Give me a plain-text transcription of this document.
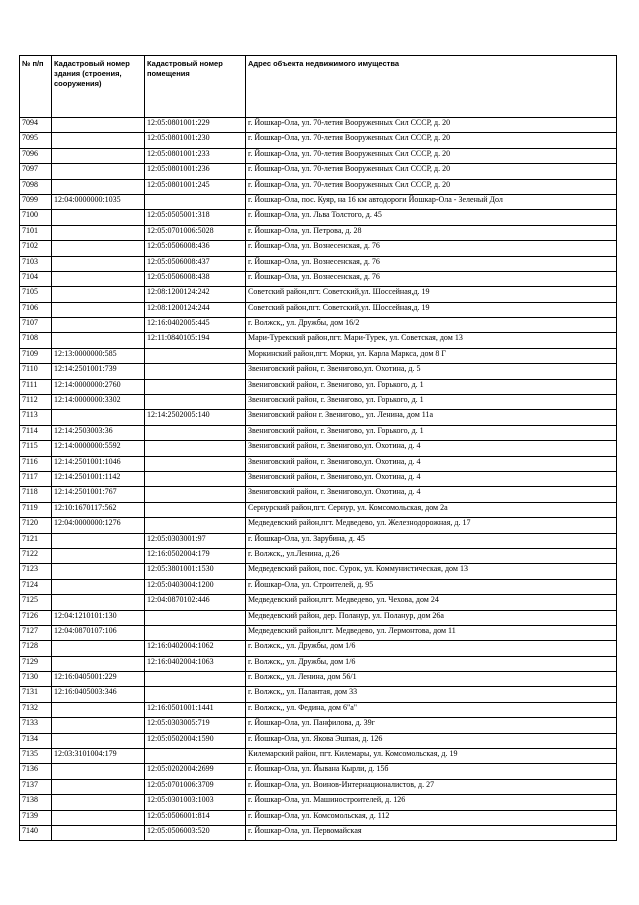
№ п/п	Кадастровый номер здания (строения, сооружения)	Кадастровый номер помещения	Адрес объекта недвижимого имущества
7094		12:05:0801001:229	г. Йошкар-Ола, ул. 70-летия Вооруженных Сил СССР, д. 20
7095		12:05:0801001:230	г. Йошкар-Ола, ул. 70-летия Вооруженных Сил СССР, д. 20
7096		12:05:0801001:233	г. Йошкар-Ола, ул. 70-летия Вооруженных Сил СССР, д. 20
7097		12:05:0801001:236	г. Йошкар-Ола, ул. 70-летия Вооруженных Сил СССР, д. 20
7098		12:05:0801001:245	г. Йошкар-Ола, ул. 70-летия Вооруженных Сил СССР, д. 20
7099	12:04:0000000:1035		г. Йошкар-Ола, пос. Куяр, на 16 км автодороги Йошкар-Ола - Зеленый Дол
7100		12:05:0505001:318	г. Йошкар-Ола, ул. Льва Толстого, д. 45
7101		12:05:0701006:5028	г. Йошкар-Ола, ул. Петрова, д. 28
7102		12:05:0506008:436	г. Йошкар-Ола, ул. Вознесенская, д. 76
7103		12:05:0506008:437	г. Йошкар-Ола, ул. Вознесенская, д. 76
7104		12:05:0506008:438	г. Йошкар-Ола, ул. Вознесенская, д. 76
7105		12:08:1200124:242	Советский район,пгт. Советский,ул. Шоссейная,д. 19
7106		12:08:1200124:244	Советский район,пгт. Советский,ул. Шоссейная,д. 19
7107		12:16:0402005:445	г. Волжск,, ул. Дружбы, дом 16/2
7108		12:11:0840105:194	Мари-Турекский район,пгт. Мари-Турек, ул. Советская, дом 13
7109	12:13:0000000:585		Моркинский район,пгт. Морки, ул. Карла Маркса, дом 8 Г
7110	12:14:2501001:739		Звениговский район, г. Звенигово,ул. Охотина, д. 5
7111	12:14:0000000:2760		Звениговский район, г. Звенигово, ул. Горького, д. 1
7112	12:14:0000000:3302		Звениговский район, г. Звенигово, ул. Горького, д. 1
7113		12:14:2502005:140	Звениговский район г. Звенигово,, ул. Ленина, дом 11а
7114	12:14:2503003:36		Звениговский район, г. Звенигово, ул. Горького, д. 1
7115	12:14:0000000:5592		Звениговский район, г. Звенигово,ул. Охотина, д. 4
7116	12:14:2501001:1046		Звениговский район, г. Звенигово,ул. Охотина, д. 4
7117	12:14:2501001:1142		Звениговский район, г. Звенигово,ул. Охотина, д. 4
7118	12:14:2501001:767		Звениговский район, г. Звенигово,ул. Охотина, д. 4
7119	12:10:1670117:562		Сернурский район,пгт. Сернур, ул. Комсомольская, дом 2а
7120	12:04:0000000:1276		Медведевский район,пгт. Медведево, ул. Железнодорожная, д. 17
7121		12:05:0303001:97	г. Йошкар-Ола, ул. Зарубина, д. 45
7122		12:16:0502004:179	г. Волжск,, ул.Ленина, д.26
7123		12:05:3801001:1530	Медведевский район, пос. Сурок, ул. Коммунистическая, дом 13
7124		12:05:0403004:1200	г. Йошкар-Ола, ул. Строителей, д. 95
7125		12:04:0870102:446	Медведевский район,пгт. Медведево, ул. Чехова, дом 24
7126	12:04:1210101:130		Медведевский район, дер. Поланур, ул. Поланур, дом 26а
7127	12:04:0870107:106		Медведевский район,пгт. Медведево, ул. Лермонтова, дом 11
7128		12:16:0402004:1062	г. Волжск,, ул. Дружбы, дом 1/6
7129		12:16:0402004:1063	г. Волжск,, ул. Дружбы, дом 1/6
7130	12:16:0405001:229		г. Волжск,, ул. Ленина, дом 56/1
7131	12:16:0405003:346		г. Волжск,, ул. Палантая, дом 33
7132		12:16:0501001:1441	г. Волжск,, ул. Федина, дом 6"а"
7133		12:05:0303005:719	г. Йошкар-Ола, ул. Панфилова, д. 39г
7134		12:05:0502004:1590	г. Йошкар-Ола, ул. Якова Эшпая, д. 126
7135	12:03:3101004:179		Килемарский район, пгт. Килемары, ул. Комсомольская, д. 19
7136		12:05:0202004:2699	г. Йошкар-Ола, ул. Йывана Кырли, д. 15б
7137		12:05:0701006:3709	г. Йошкар-Ола, ул. Воинов-Интернационалистов, д. 27
7138		12:05:0301003:1003	г. Йошкар-Ола, ул. Машиностроителей, д. 126
7139		12:05:0506001:814	г. Йошкар-Ола, ул. Комсомольская, д. 112
7140		12:05:0506003:520	г. Йошкар-Ола, ул. Первомайская
